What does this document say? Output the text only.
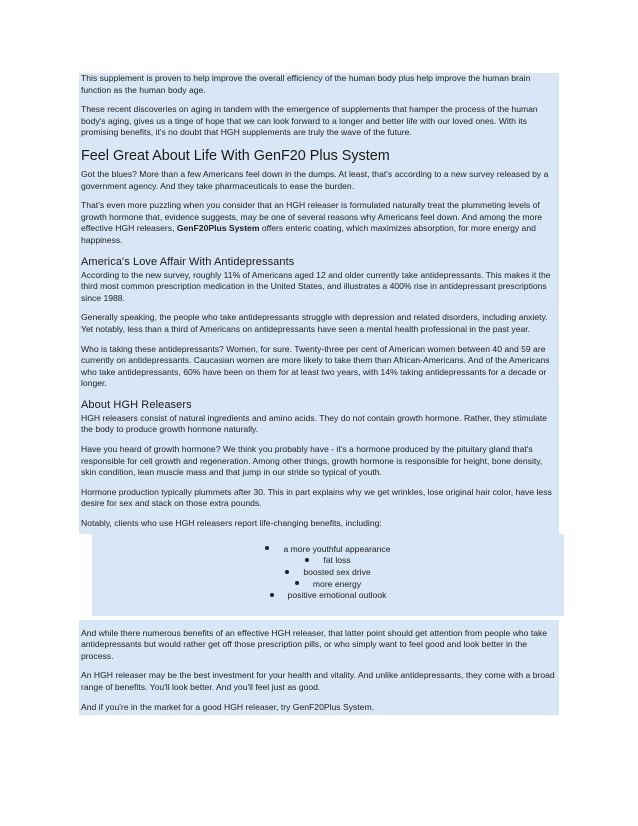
This supplement is proven to help improve the overall efficiency of the human body plus help improve the human brain function as the human body age.

These recent discoveries on aging in tandem with the emergence of supplements that hamper the process of the human body's aging, gives us a tinge of hope that we can look forward to a longer and better life with our loved ones. With its promising benefits, it's no doubt that HGH supplements are truly the wave of the future.

Feel Great About Life With GenF20 Plus System

Got the blues? More than a few Americans feel down in the dumps. At least, that's according to a new survey released by a government agency. And they take pharmaceuticals to ease the burden.

That's even more puzzling when you consider that an HGH releaser is formulated naturally treat the plummeting levels of growth hormone that, evidence suggests, may be one of several reasons why Americans feel down. And among the more effective HGH releasers, GenF20Plus System offers enteric coating, which maximizes absorption, for more energy and happiness.

America's Love Affair With Antidepressants

According to the new survey, roughly 11% of Americans aged 12 and older currently take antidepressants. This makes it the third most common prescription medication in the United States, and illustrates a 400% rise in antidepressant prescriptions since 1988.

Generally speaking, the people who take antidepressants struggle with depression and related disorders, including anxiety. Yet notably, less than a third of Americans on antidepressants have seen a mental health professional in the past year.

Who is taking these antidepressants? Women, for sure. Twenty-three per cent of American women between 40 and 59 are currently on antidepressants. Caucasian women are more likely to take them than African-Americans. And of the Americans who take antidepressants, 60% have been on them for at least two years, with 14% taking antidepressants for a decade or longer.

About HGH Releasers

HGH releasers consist of natural ingredients and amino acids. They do not contain growth hormone. Rather, they stimulate the body to produce growth hormone naturally.

Have you heard of growth hormone? We think you probably have - it's a hormone produced by the pituitary gland that's responsible for cell growth and regeneration. Among other things, growth hormone is responsible for height, bone density, skin condition, lean muscle mass and that jump in our stride so typical of youth.

Hormone production typically plummets after 30. This in part explains why we get wrinkles, lose original hair color, have less desire for sex and stack on those extra pounds.

Notably, clients who use HGH releasers report life-changing benefits, including:

a more youthful appearance
fat loss
boosted sex drive
more energy
positive emotional outlook

And while there numerous benefits of an effective HGH releaser, that latter point should get attention from people who take antidepressants but would rather get off those prescription pills, or who simply want to feel good and look better in the process.

An HGH releaser may be the best investment for your health and vitality. And unlike antidepressants, they come with a broad range of benefits. You'll look better. And you'll feel just as good.

And if you're in the market for a good HGH releaser, try GenF20Plus System.
